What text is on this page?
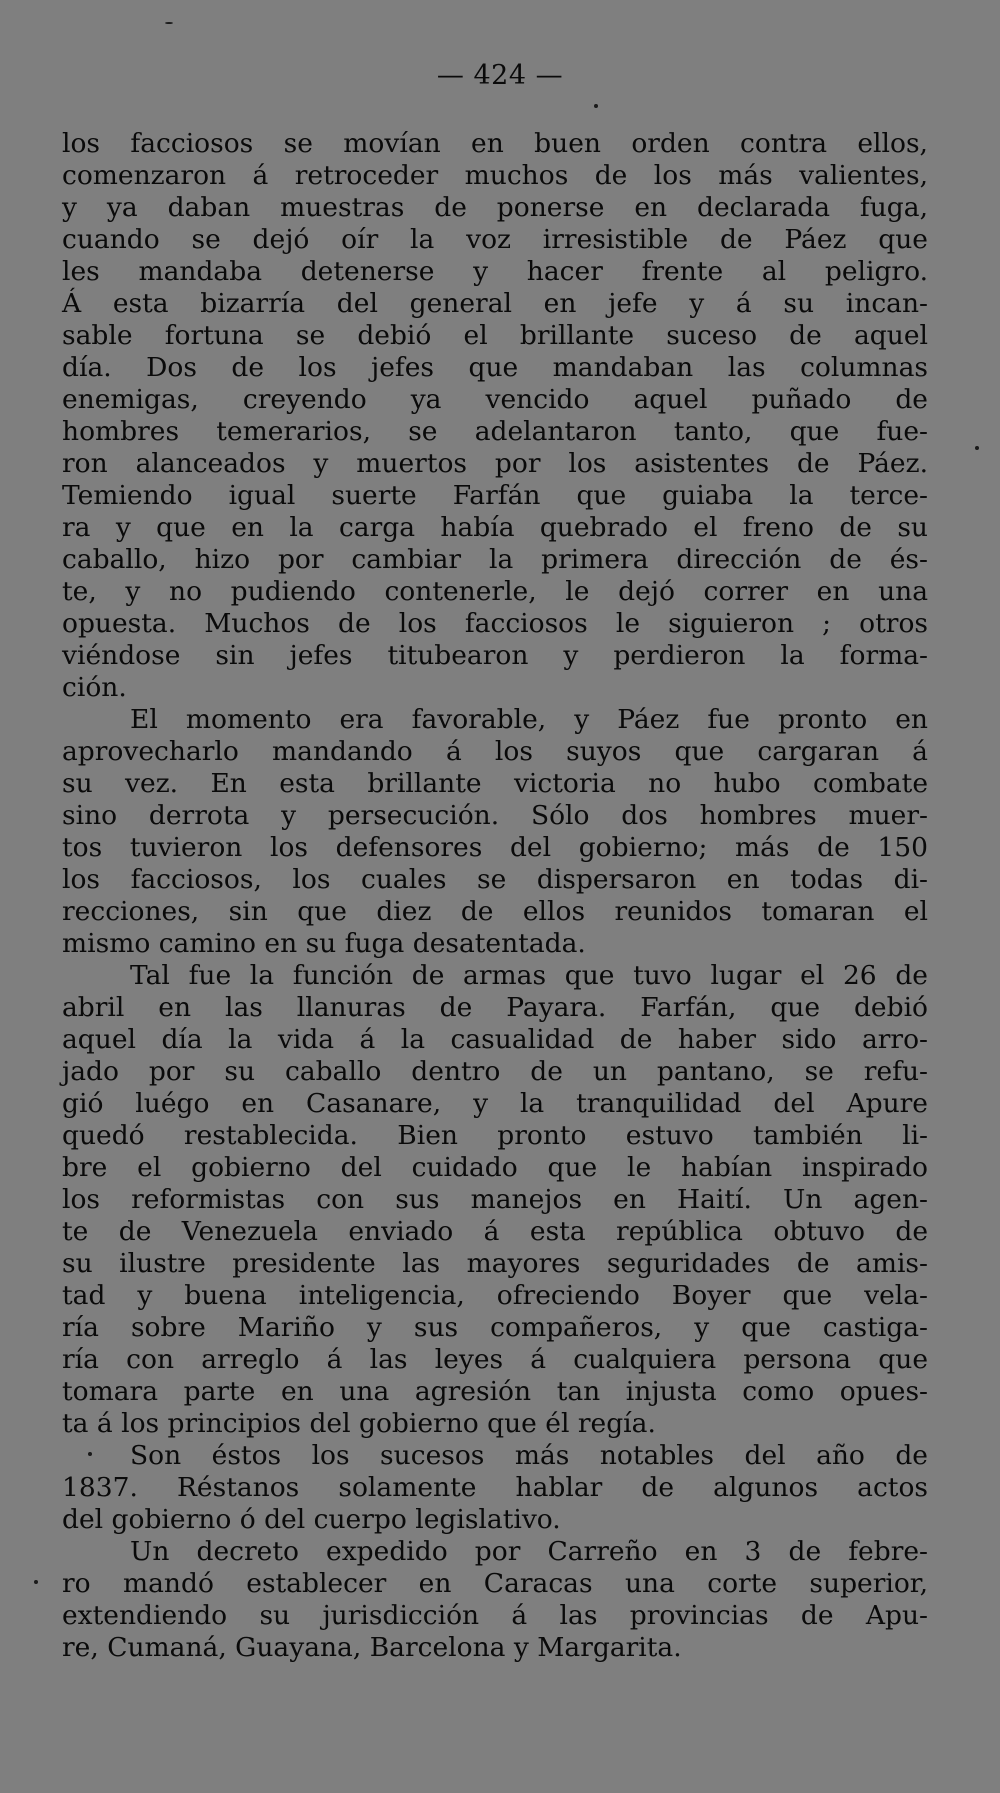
— 424 —
los facciosos se movían en buen orden contra ellos,
comenzaron á retroceder muchos de los más valientes,
y ya daban muestras de ponerse en declarada fuga,
cuando se dejó oír la voz irresistible de Páez que
les mandaba detenerse y hacer frente al peligro.
Á esta bizarría del general en jefe y á su incan-
sable fortuna se debió el brillante suceso de aquel
día. Dos de los jefes que mandaban las columnas
enemigas, creyendo ya vencido aquel puñado de
hombres temerarios, se adelantaron tanto, que fue-
ron alanceados y muertos por los asistentes de Páez.
Temiendo igual suerte Farfán que guiaba la terce-
ra y que en la carga había quebrado el freno de su
caballo, hizo por cambiar la primera dirección de és-
te, y no pudiendo contenerle, le dejó correr en una
opuesta. Muchos de los facciosos le siguieron ; otros
viéndose sin jefes titubearon y perdieron la forma-
ción.
El momento era favorable, y Páez fue pronto en
aprovecharlo mandando á los suyos que cargaran á
su vez. En esta brillante victoria no hubo combate
sino derrota y persecución. Sólo dos hombres muer-
tos tuvieron los defensores del gobierno; más de 150
los facciosos, los cuales se dispersaron en todas di-
recciones, sin que diez de ellos reunidos tomaran el
mismo camino en su fuga desatentada.
Tal fue la función de armas que tuvo lugar el 26 de
abril en las llanuras de Payara. Farfán, que debió
aquel día la vida á la casualidad de haber sido arro-
jado por su caballo dentro de un pantano, se refu-
gió luégo en Casanare, y la tranquilidad del Apure
quedó restablecida. Bien pronto estuvo también li-
bre el gobierno del cuidado que le habían inspirado
los reformistas con sus manejos en Haití. Un agen-
te de Venezuela enviado á esta república obtuvo de
su ilustre presidente las mayores seguridades de amis-
tad y buena inteligencia, ofreciendo Boyer que vela-
ría sobre Mariño y sus compañeros, y que castiga-
ría con arreglo á las leyes á cualquiera persona que
tomara parte en una agresión tan injusta como opues-
ta á los principios del gobierno que él regía.
Son éstos los sucesos más notables del año de
1837. Réstanos solamente hablar de algunos actos
del gobierno ó del cuerpo legislativo.
Un decreto expedido por Carreño en 3 de febre-
ro mandó establecer en Caracas una corte superior,
extendiendo su jurisdicción á las provincias de Apu-
re, Cumaná, Guayana, Barcelona y Margarita.
